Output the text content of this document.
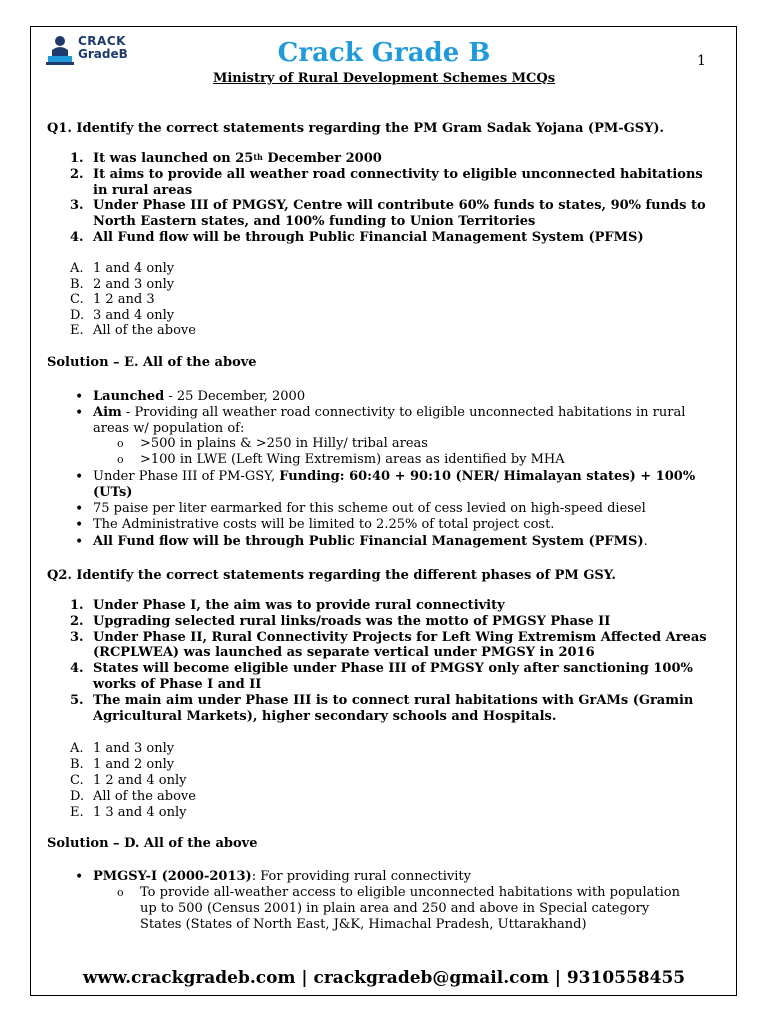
CRACK
GradeB	Crack Grade B	1
Ministry of Rural Development Schemes MCQs
Q1. Identify the correct statements regarding the PM Gram Sadak Yojana (PM-GSY).
1. It was launched on 25th December 2000
2. It aims to provide all weather road connectivity to eligible unconnected habitations
in rural areas
3. Under Phase III of PMGSY, Centre will contribute 60% funds to states, 90% funds to
North Eastern states, and 100% funding to Union Territories
4. All Fund flow will be through Public Financial Management System (PFMS)
A. 1 and 4 only
B. 2 and 3 only
C. 1 2 and 3
D. 3 and 4 only
E. All of the above
Solution – E. All of the above
• Launched - 25 December, 2000
• Aim - Providing all weather road connectivity to eligible unconnected habitations in rural
areas w/ population of:
o >500 in plains & >250 in Hilly/ tribal areas
o >100 in LWE (Left Wing Extremism) areas as identified by MHA
• Under Phase III of PM-GSY, Funding: 60:40 + 90:10 (NER/ Himalayan states) + 100%
(UTs)
• 75 paise per liter earmarked for this scheme out of cess levied on high-speed diesel
• The Administrative costs will be limited to 2.25% of total project cost.
• All Fund flow will be through Public Financial Management System (PFMS).
Q2. Identify the correct statements regarding the different phases of PM GSY.
1. Under Phase I, the aim was to provide rural connectivity
2. Upgrading selected rural links/roads was the motto of PMGSY Phase II
3. Under Phase II, Rural Connectivity Projects for Left Wing Extremism Affected Areas
(RCPLWEA) was launched as separate vertical under PMGSY in 2016
4. States will become eligible under Phase III of PMGSY only after sanctioning 100%
works of Phase I and II
5. The main aim under Phase III is to connect rural habitations with GrAMs (Gramin
Agricultural Markets), higher secondary schools and Hospitals.
A. 1 and 3 only
B. 1 and 2 only
C. 1 2 and 4 only
D. All of the above
E. 1 3 and 4 only
Solution – D. All of the above
• PMGSY-I (2000-2013): For providing rural connectivity
o To provide all-weather access to eligible unconnected habitations with population
up to 500 (Census 2001) in plain area and 250 and above in Special category
States (States of North East, J&K, Himachal Pradesh, Uttarakhand)
www.crackgradeb.com | crackgradeb@gmail.com | 9310558455
